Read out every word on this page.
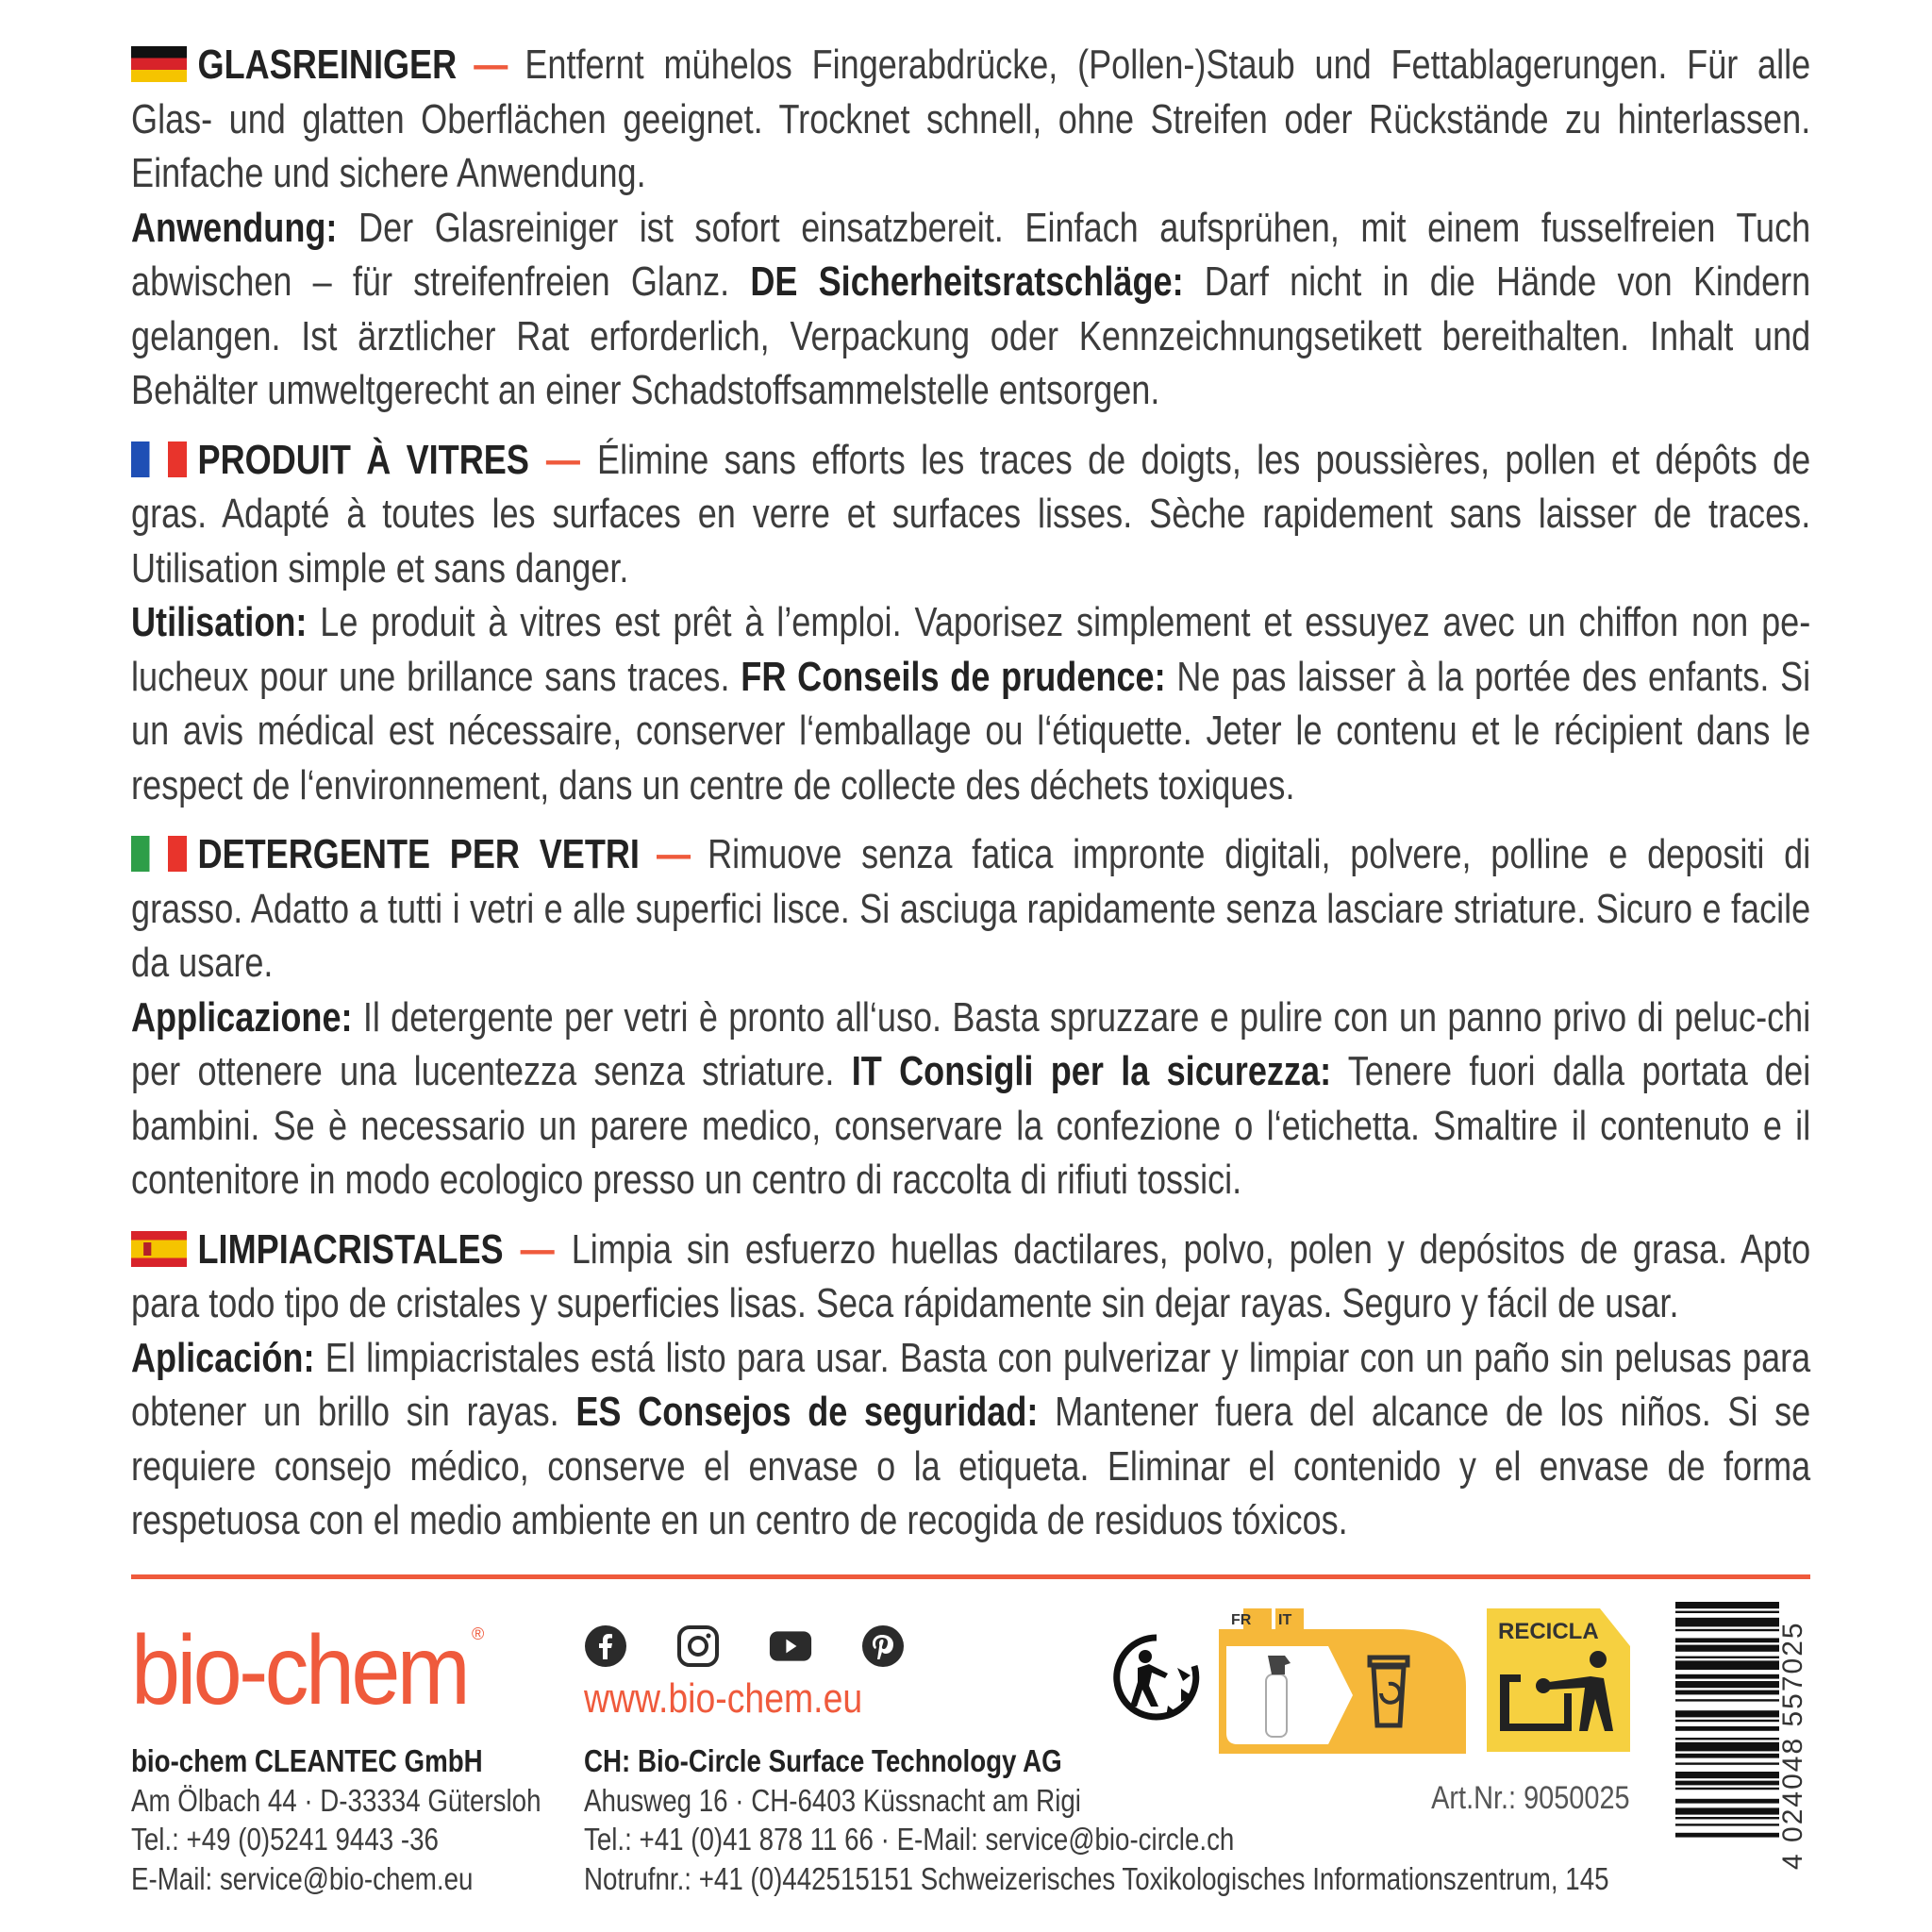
GLASREINIGER — Entfernt mühelos Fingerabdrücke, (Pollen-)Staub und Fettablagerungen. Für alle Glas- und glatten Oberflächen geeignet. Trocknet schnell, ohne Streifen oder Rückstände zu hinterlassen. Einfache und sichere Anwendung.

Anwendung: Der Glasreiniger ist sofort einsatzbereit. Einfach aufsprühen, mit einem fusselfreien Tuch abwischen – für streifenfreien Glanz. DE Sicherheitsratschläge: Darf nicht in die Hände von Kindern gelangen. Ist ärztlicher Rat erforderlich, Verpackung oder Kennzeichnungsetikett bereithalten. Inhalt und Behälter umweltgerecht an einer Schadstoffsammelstelle entsorgen.

PRODUIT À VITRES — Élimine sans efforts les traces de doigts, les poussières, pollen et dépôts de gras. Adapté à toutes les surfaces en verre et surfaces lisses. Sèche rapidement sans laisser de traces. Utilisation simple et sans danger.

Utilisation: Le produit à vitres est prêt à l’emploi. Vaporisez simplement et essuyez avec un chiffon non pe-lucheux pour une brillance sans traces. FR Conseils de prudence: Ne pas laisser à la portée des enfants. Si un avis médical est nécessaire, conserver l‘emballage ou l‘étiquette. Jeter le contenu et le récipient dans le respect de l‘environnement, dans un centre de collecte des déchets toxiques.

DETERGENTE PER VETRI — Rimuove senza fatica impronte digitali, polvere, polline e depositi di grasso. Adatto a tutti i vetri e alle superfici lisce. Si asciuga rapidamente senza lasciare striature. Sicuro e facile da usare.

Applicazione: Il detergente per vetri è pronto all‘uso. Basta spruzzare e pulire con un panno privo di peluc-chi per ottenere una lucentezza senza striature. IT Consigli per la sicurezza: Tenere fuori dalla portata dei bambini. Se è necessario un parere medico, conservare la confezione o l‘etichetta. Smaltire il contenuto e il contenitore in modo ecologico presso un centro di raccolta di rifiuti tossici.

LIMPIACRISTALES — Limpia sin esfuerzo huellas dactilares, polvo, polen y depósitos de grasa. Apto para todo tipo de cristales y superficies lisas. Seca rápidamente sin dejar rayas. Seguro y fácil de usar.

Aplicación: El limpiacristales está listo para usar. Basta con pulverizar y limpiar con un paño sin pelusas para obtener un brillo sin rayas. ES Consejos de seguridad: Mantener fuera del alcance de los niños. Si se requiere consejo médico, conserve el envase o la etiqueta. Eliminar el contenido y el envase de forma respetuosa con el medio ambiente en un centro de recogida de residuos tóxicos.

bio-chem ®
www.bio-chem.eu
bio-chem CLEANTEC GmbH
Am Ölbach 44 · D-33334 Gütersloh
Tel.: +49 (0)5241 9443 -36
E-Mail: service@bio-chem.eu
CH: Bio-Circle Surface Technology AG
Ahusweg 16 · CH-6403 Küssnacht am Rigi
Tel.: +41 (0)41 878 11 66 · E-Mail: service@bio-circle.ch
Notrufnr.: +41 (0)442515151 Schweizerisches Toxikologisches Informationszentrum, 145
FR IT	RECICLA
Art.Nr.: 9050025	4 024048 557025
